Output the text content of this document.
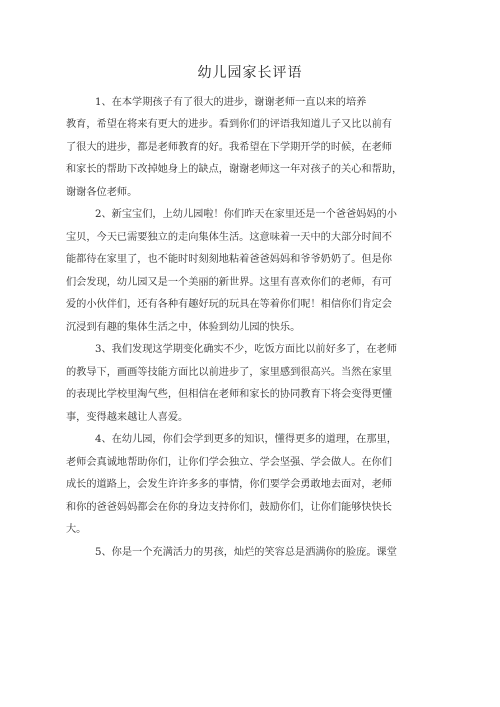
幼儿园家长评语
1、在本学期孩子有了很大的进步，谢谢老师一直以来的培养
教育，希望在将来有更大的进步。看到你们的评语我知道儿子又比以前有
了很大的进步，都是老师教育的好。我希望在下学期开学的时候，在老师
和家长的帮助下改掉她身上的缺点，谢谢老师这一年对孩子的关心和帮助，
谢谢各位老师。
2、新宝宝们，上幼儿园啦！你们昨天在家里还是一个爸爸妈妈的小
宝贝，今天已需要独立的走向集体生活。这意味着一天中的大部分时间不
能都待在家里了，也不能时时刻刻地粘着爸爸妈妈和爷爷奶奶了。但是你
们会发现，幼儿园又是一个美丽的新世界。这里有喜欢你们的老师，有可
爱的小伙伴们，还有各种有趣好玩的玩具在等着你们呢！相信你们肯定会
沉浸到有趣的集体生活之中，体验到幼儿园的快乐。
3、我们发现这学期变化确实不少，吃饭方面比以前好多了，在老师
的教导下，画画等技能方面比以前进步了，家里感到很高兴。当然在家里
的表现比学校里淘气些，但相信在老师和家长的协同教育下将会变得更懂
事，变得越来越让人喜爱。
4、在幼儿园，你们会学到更多的知识，懂得更多的道理，在那里，
老师会真诚地帮助你们，让你们学会独立、学会坚强、学会做人。在你们
成长的道路上，会发生许许多多的事情，你们要学会勇敢地去面对，老师
和你的爸爸妈妈都会在你的身边支持你们，鼓励你们，让你们能够快快长
大。
5、你是一个充满活力的男孩，灿烂的笑容总是洒满你的脸庞。课堂
